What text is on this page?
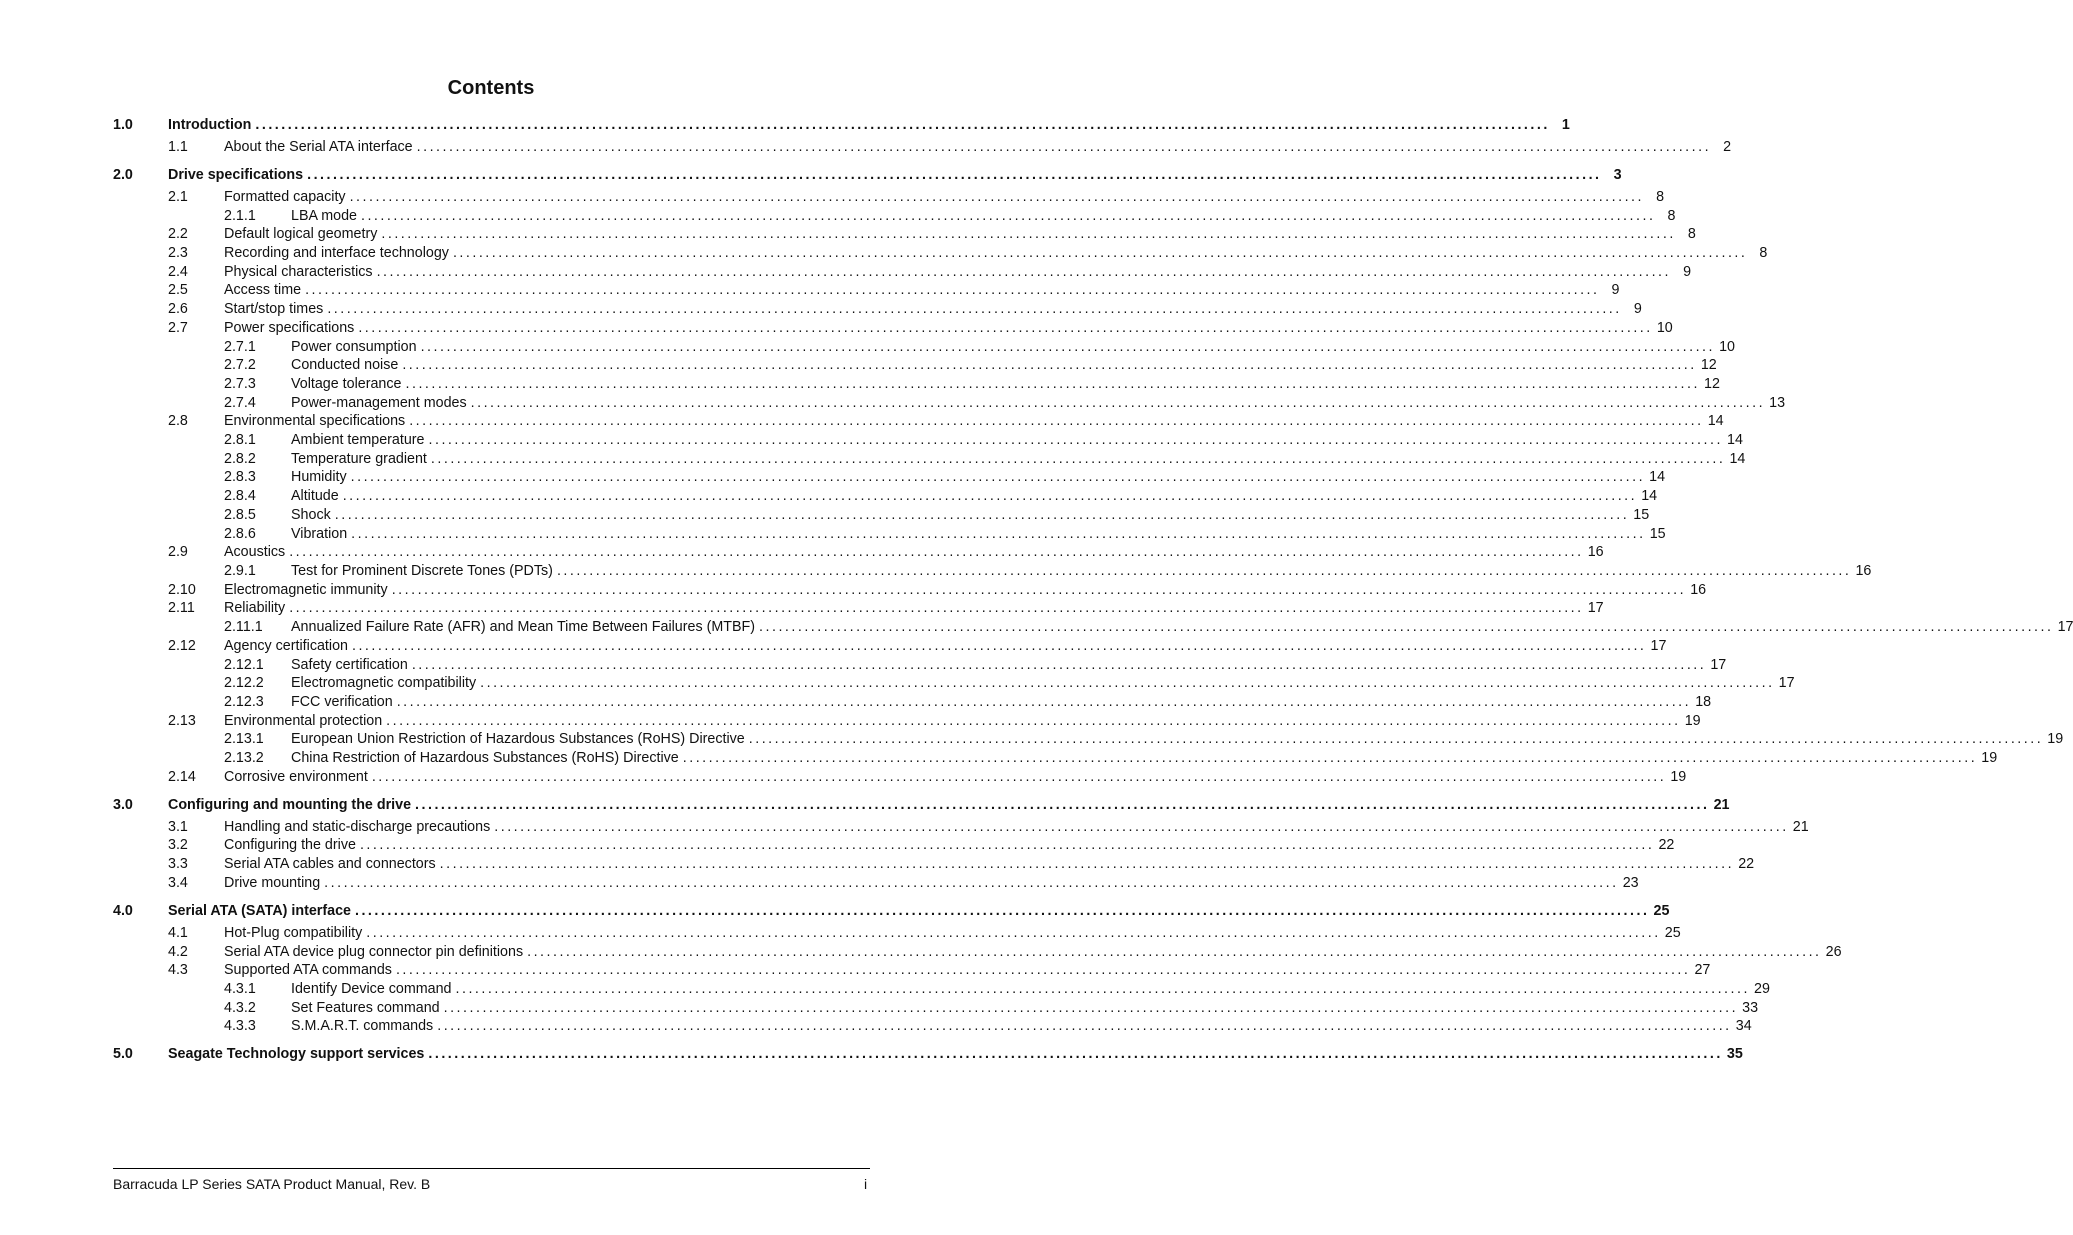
Contents
1.0 Introduction ........................................................................................................................................................................................................ 1
1.1	About the Serial ATA interface ........................................................................................................................................................................................................ 2
2.0 Drive specifications ........................................................................................................................................................................................................ 3
2.1	Formatted capacity ........................................................................................................................................................................................................ 8
2.1.1 LBA mode ........................................................................................................................................................................................................ 8
2.2	Default logical geometry ........................................................................................................................................................................................................ 8
2.3	Recording and interface technology ........................................................................................................................................................................................................ 8
2.4	Physical characteristics ........................................................................................................................................................................................................ 9
2.5	Access time ........................................................................................................................................................................................................ 9
2.6	Start/stop times ........................................................................................................................................................................................................ 9
2.7	Power specifications ........................................................................................................................................................................................................ 10
2.7.1 Power consumption ........................................................................................................................................................................................................ 10
2.7.2 Conducted noise ........................................................................................................................................................................................................ 12
2.7.3 Voltage tolerance ........................................................................................................................................................................................................ 12
2.7.4 Power-management modes ........................................................................................................................................................................................................ 13
2.8	Environmental specifications ........................................................................................................................................................................................................ 14
2.8.1 Ambient temperature ........................................................................................................................................................................................................ 14
2.8.2 Temperature gradient ........................................................................................................................................................................................................ 14
2.8.3 Humidity ........................................................................................................................................................................................................ 14
2.8.4 Altitude ........................................................................................................................................................................................................ 14
2.8.5 Shock ........................................................................................................................................................................................................ 15
2.8.6 Vibration ........................................................................................................................................................................................................ 15
2.9	Acoustics ........................................................................................................................................................................................................ 16
2.9.1 Test for Prominent Discrete Tones (PDTs) ........................................................................................................................................................................................................ 16
2.10 Electromagnetic immunity ........................................................................................................................................................................................................ 16
2.11 Reliability ........................................................................................................................................................................................................ 17
2.11.1 Annualized Failure Rate (AFR) and Mean Time Between Failures (MTBF) ........................................................................................................................................................................................................ 17
2.12 Agency certification ........................................................................................................................................................................................................ 17
2.12.1 Safety certification ........................................................................................................................................................................................................ 17
2.12.2 Electromagnetic compatibility ........................................................................................................................................................................................................ 17
2.12.3 FCC verification ........................................................................................................................................................................................................ 18
2.13 Environmental protection ........................................................................................................................................................................................................ 19
2.13.1 European Union Restriction of Hazardous Substances (RoHS) Directive ........................................................................................................................................................................................................ 19
2.13.2 China Restriction of Hazardous Substances (RoHS) Directive ........................................................................................................................................................................................................ 19
2.14 Corrosive environment ........................................................................................................................................................................................................ 19
3.0 Configuring and mounting the drive ........................................................................................................................................................................................................ 21
3.1	Handling and static-discharge precautions ........................................................................................................................................................................................................ 21
3.2	Configuring the drive ........................................................................................................................................................................................................ 22
3.3	Serial ATA cables and connectors ........................................................................................................................................................................................................ 22
3.4	Drive mounting ........................................................................................................................................................................................................ 23
4.0 Serial ATA (SATA) interface ........................................................................................................................................................................................................ 25
4.1	Hot-Plug compatibility ........................................................................................................................................................................................................ 25
4.2	Serial ATA device plug connector pin definitions ........................................................................................................................................................................................................ 26
4.3	Supported ATA commands ........................................................................................................................................................................................................ 27
4.3.1 Identify Device command ........................................................................................................................................................................................................ 29
4.3.2 Set Features command ........................................................................................................................................................................................................ 33
4.3.3 S.M.A.R.T. commands ........................................................................................................................................................................................................ 34
5.0 Seagate Technology support services ........................................................................................................................................................................................................ 35
Barracuda LP Series SATA Product Manual, Rev. B	i
